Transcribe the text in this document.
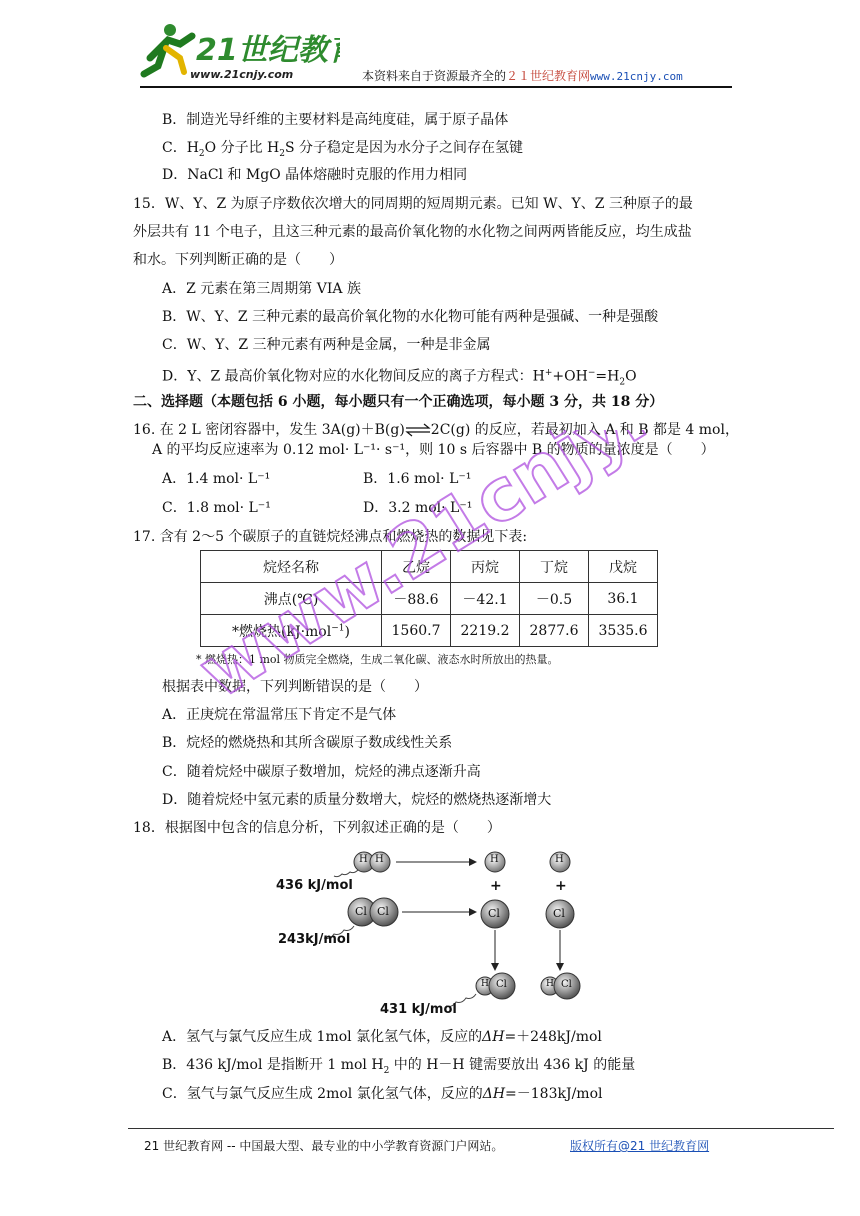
21世纪教
www.21cnjy.com	本资料来自于资源最齐全的２１世纪教育网www.21cnjy.com
B．制造光导纤维的主要材料是高纯度硅，属于原子晶体
C．$H_2O$ 分子比 $H_2S$ 分子稳定是因为水分子之间存在氢键
D．NaCl 和 MgO 晶体熔融时克服的作用力相同
15．W、Y、Z 为原子序数依次增大的同周期的短周期元素。已知 W、Y、Z 三种原子的最
外层共有 11 个电子，且这三种元素的最高价氧化物的水化物之间两两皆能反应，均生成盐
和水。下列判断正确的是（　　）
A．Z 元素在第三周期第 VIA 族
B．W、Y、Z 三种元素的最高价氧化物的水化物可能有两种是强碱、一种是强酸
C．W、Y、Z 三种元素有两种是金属，一种是非金属
D．Y、Z 最高价氧化物对应的水化物间反应的离子方程式：$H^++OH^-=H_2O$
二、选择题（本题包括 6 小题，每小题只有一个正确选项，每小题 3 分，共 18 分）
16. 在 2 L 密闭容器中，发生 3A(g)＋B(g)⇌2C(g) 的反应，若最初加入 A 和 B 都是 4 mol，
A 的平均反应速率为 0.12 mol· L⁻¹· s⁻¹，则 10 s 后容器中 B 的物质的量浓度是（　　）
A．1.4 mol· L⁻¹	B．1.6 mol· L⁻¹
C．1.8 mol· L⁻¹	D．3.2 mol· L⁻¹
17. 含有 2～5 个碳原子的直链烷烃沸点和燃烧热的数据见下表:
烷烃名称	乙烷	丙烷	丁烷	戊烷
沸点(℃)	－88.6	－42.1	－0.5	36.1
*燃烧热(kJ·mol$^{-1}$)	1560.7	2219.2	2877.6	3535.6
* 燃烧热：1 mol 物质完全燃烧，生成二氧化碳、液态水时所放出的热量。
根据表中数据，下列判断错误的是（　　）
A．正庚烷在常温常压下肯定不是气体
B．烷烃的燃烧热和其所含碳原子数成线性关系
C．随着烷烃中碳原子数增加，烷烃的沸点逐渐升高
D．随着烷烃中氢元素的质量分数增大，烷烃的燃烧热逐渐增大
18．根据图中包含的信息分析，下列叙述正确的是（　　）
H H
Cl Cl
H
Cl
H
Cl
H Cl	H Cl
+	+
436 kJ/mol
243kJ/mol
431 kJ/mol
A．氢气与氯气反应生成 1mol 氯化氢气体，反应的ΔH=＋248kJ/mol
B．436 kJ/mol 是指断开 1 mol $H_2$ 中的 H－H 键需要放出 436 kJ 的能量
C．氢气与氯气反应生成 2mol 氯化氢气体，反应的ΔH=－183kJ/mol
www.21cnjy.com
21 世纪教育网 -- 中国最大型、最专业的中小学教育资源门户网站。	版权所有@21 世纪教育网
